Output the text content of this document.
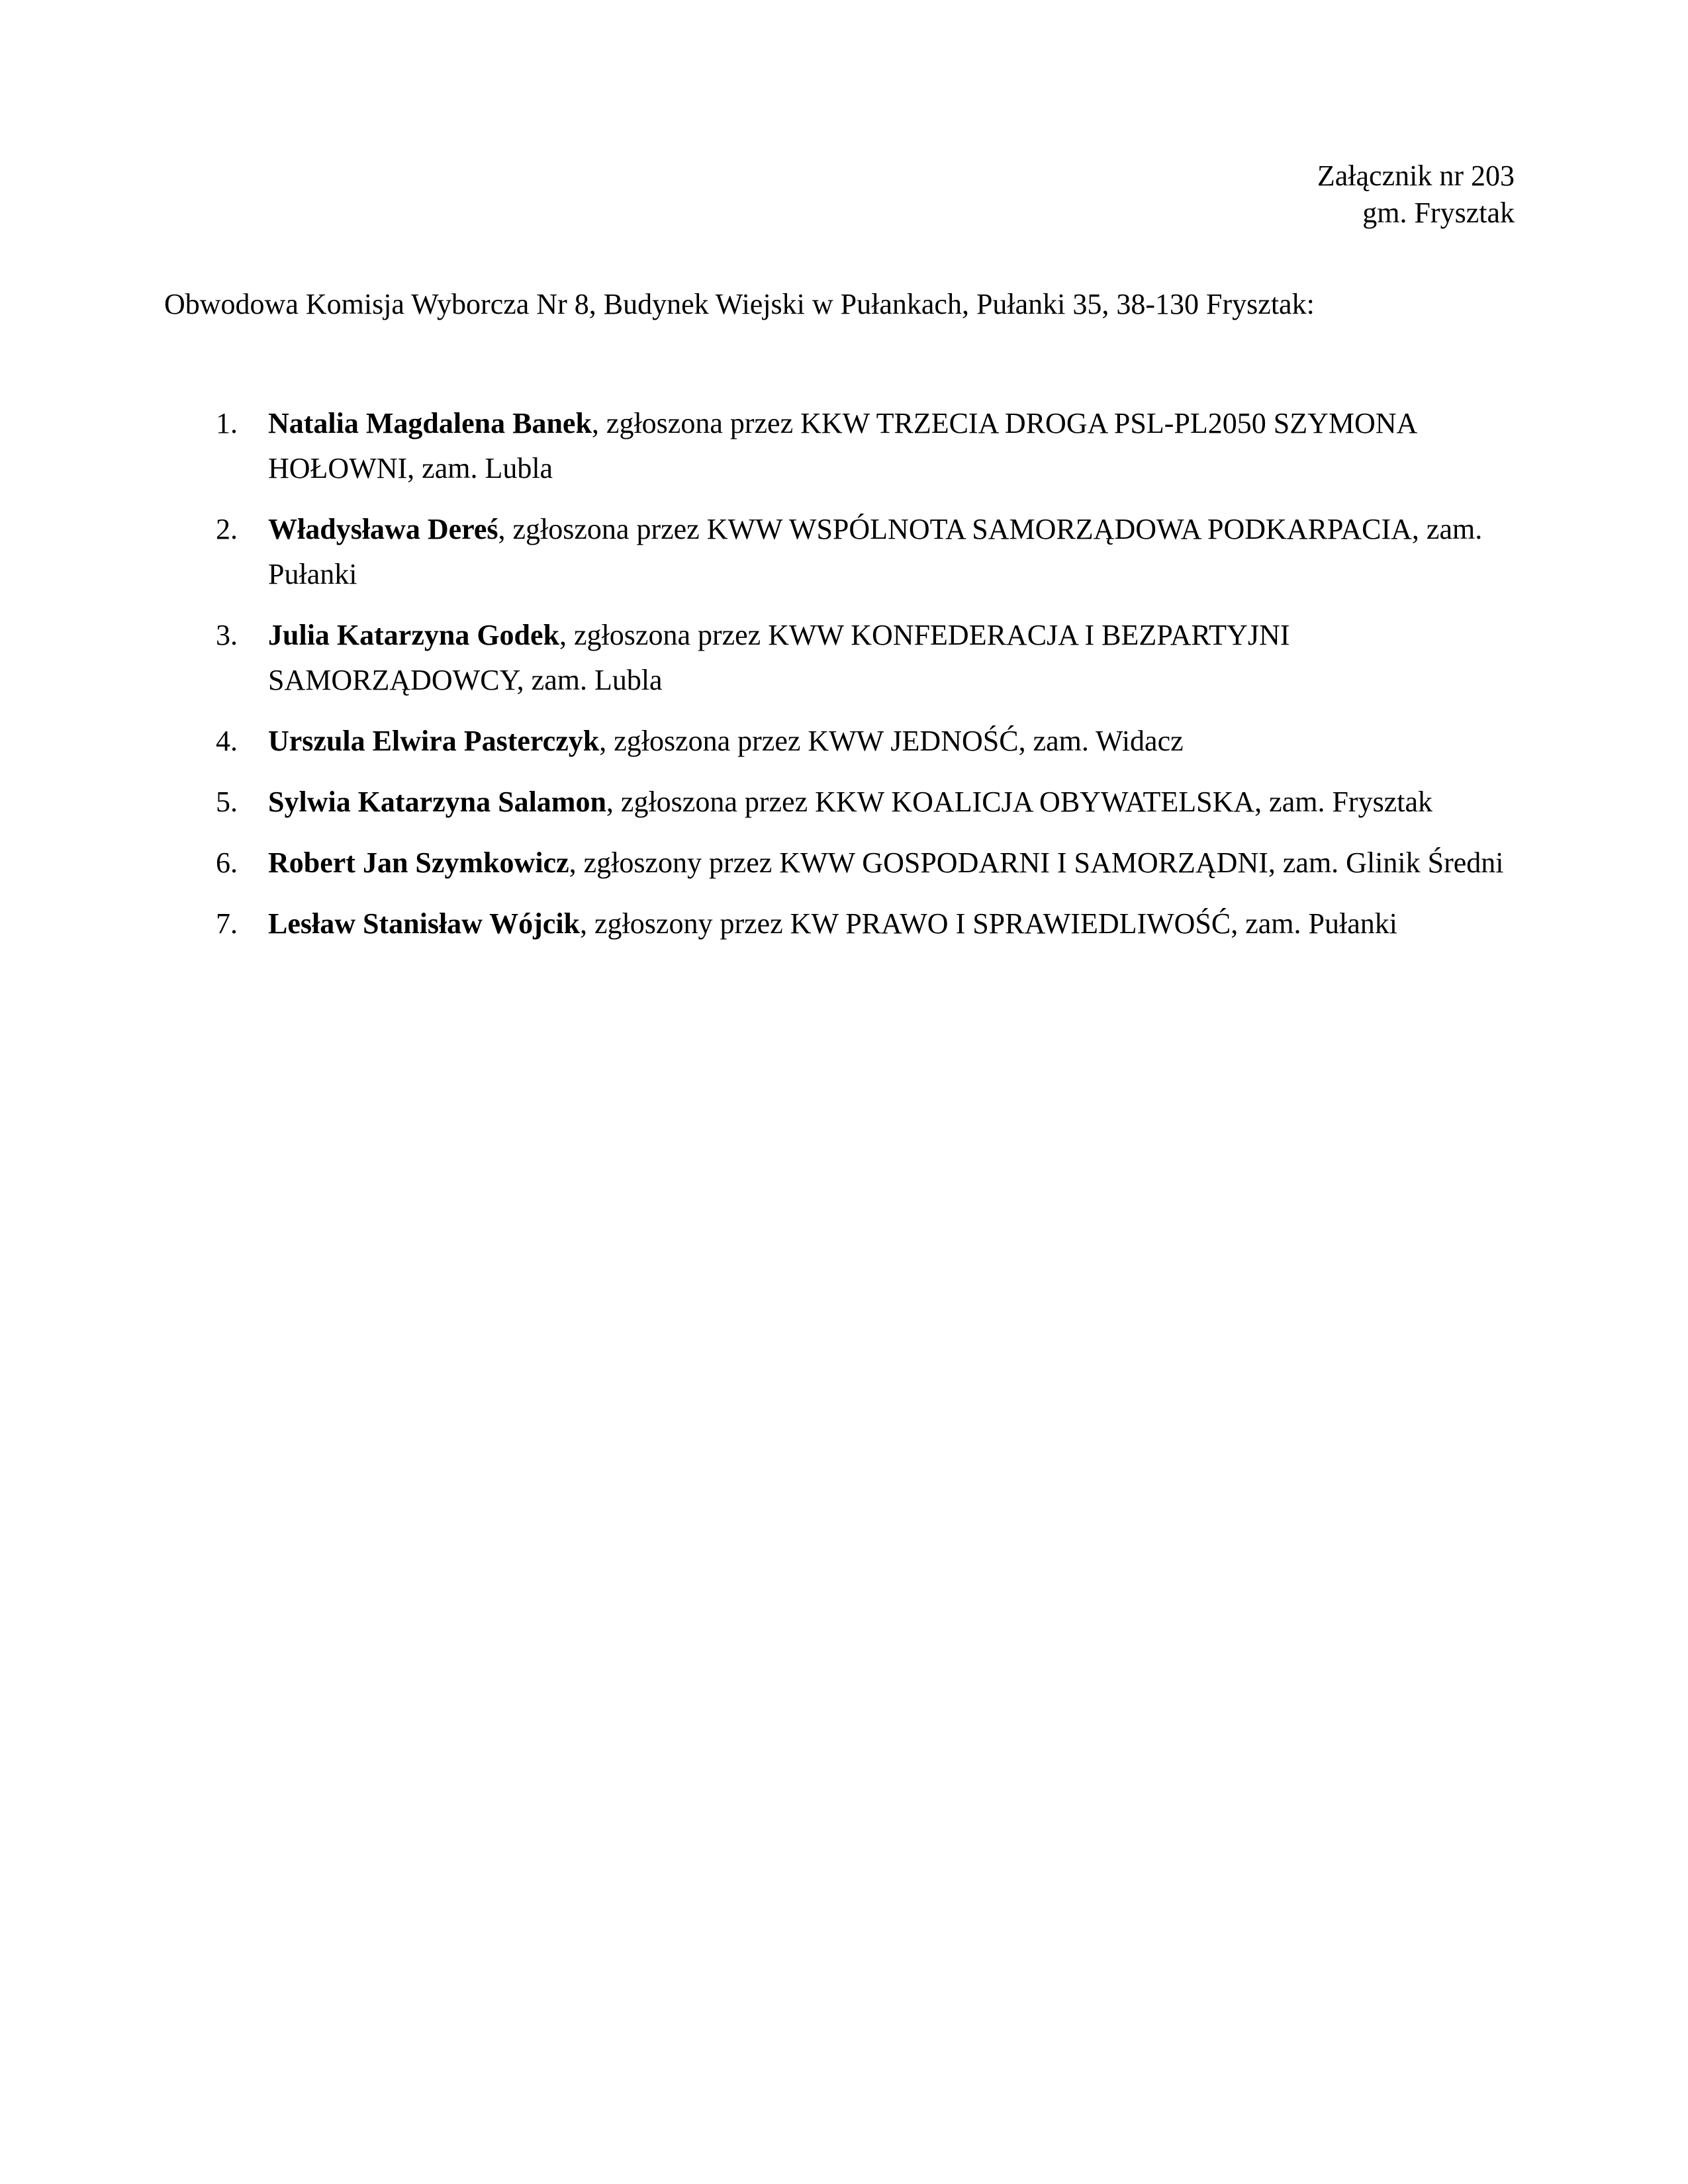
Załącznik nr 203
gm. Frysztak
Obwodowa Komisja Wyborcza Nr 8, Budynek Wiejski w Pułankach, Pułanki 35, 38-130 Frysztak:
1.	Natalia Magdalena Banek, zgłoszona przez KKW TRZECIA DROGA PSL-PL2050 SZYMONA HOŁOWNI, zam. Lubla
2.	Władysława Dereś, zgłoszona przez KWW WSPÓLNOTA SAMORZĄDOWA PODKARPACIA, zam. Pułanki
3.	Julia Katarzyna Godek, zgłoszona przez KWW KONFEDERACJA I BEZPARTYJNI SAMORZĄDOWCY, zam. Lubla
4.	Urszula Elwira Pasterczyk, zgłoszona przez KWW JEDNOŚĆ, zam. Widacz
5.	Sylwia Katarzyna Salamon, zgłoszona przez KKW KOALICJA OBYWATELSKA, zam. Frysztak
6.	Robert Jan Szymkowicz, zgłoszony przez KWW GOSPODARNI I SAMORZĄDNI, zam. Glinik Średni
7.	Lesław Stanisław Wójcik, zgłoszony przez KW PRAWO I SPRAWIEDLIWOŚĆ, zam. Pułanki
